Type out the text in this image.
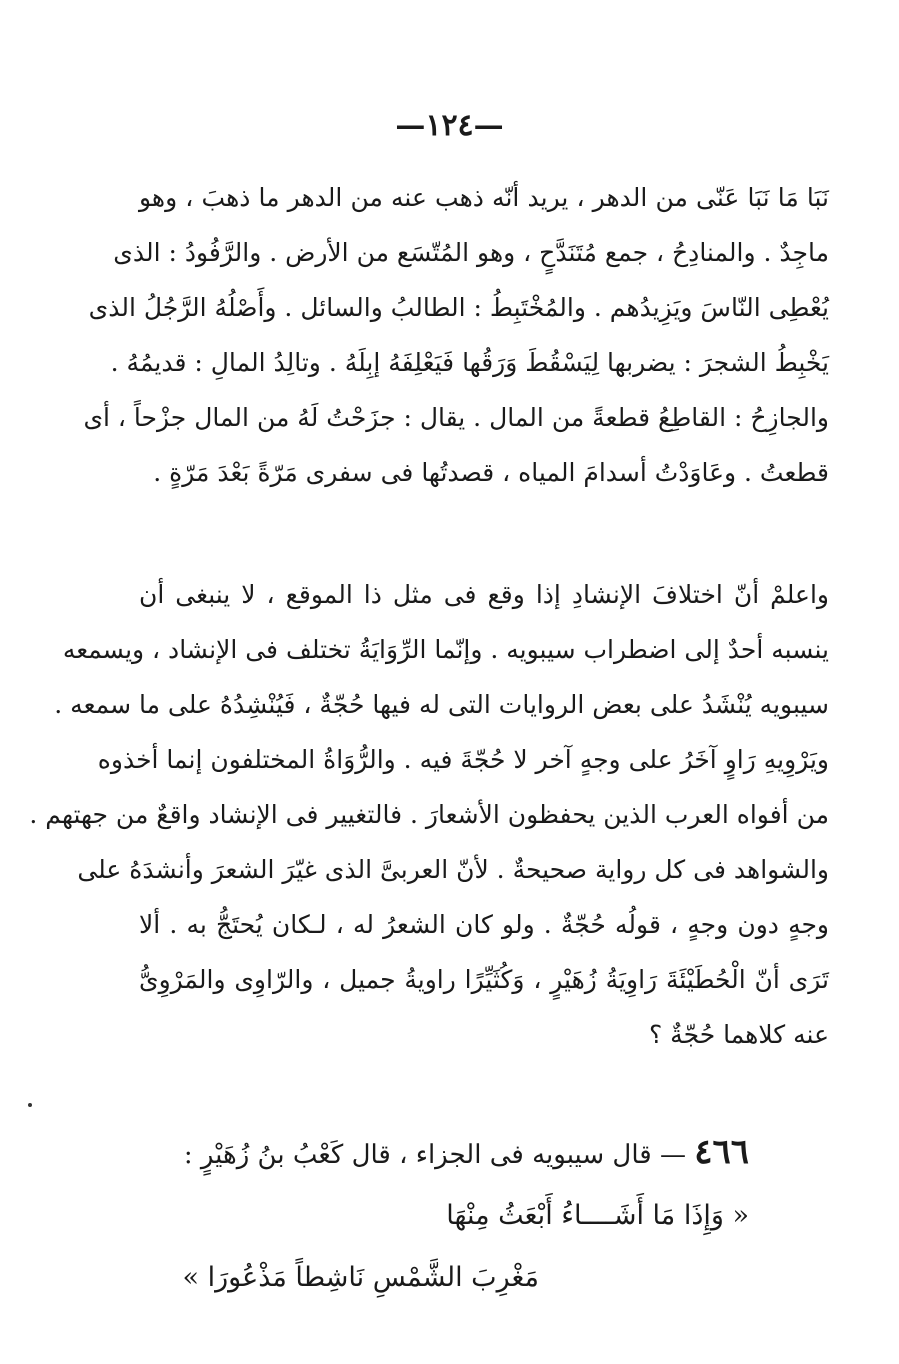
—١٢٤—
نَبَا مَا نَبَا عَنّى من الدهر ، يريد أنّه ذهب عنه من الدهر ما ذهبَ ، وهو
ماجِدٌ . والمنادِحُ ، جمع مُتَنَدَّحٍ ، وهو المُتّسَع من الأرض . والرَّفُودُ : الذى
يُعْطِى النّاسَ ويَزِيدُهم . والمُخْتَبِطُ : الطالبُ والسائل . وأَصْلُهُ الرَّجُلُ الذى
يَخْبِطُ الشجرَ : يضربها لِيَسْقُطَ وَرَقُها فَيَعْلِفَهُ إبِلَهُ . وتالِدُ المالِ : قديمُهُ .
والجازِحُ : القاطِعُ قطعةً من المال . يقال : جزَحْتُ لَهُ من المال جزْحاً ، أى
قطعتُ . وعَاوَدْتُ أسدامَ المياه ، قصدتُها فى سفرى مَرّةً بَعْدَ مَرّةٍ .
واعلمْ أنّ اختلافَ الإنشادِ إذا وقع فى مثل ذا الموقع ، لا ينبغى أن
ينسبه أحدٌ إلى اضطراب سيبويه . وإنّما الرِّوَايَةُ تختلف فى الإنشاد ، ويسمعه
سيبويه يُنْشَدُ على بعض الروايات التى له فيها حُجّةٌ ، فَيُنْشِدُهُ على ما سمعه .
ويَرْوِيهِ رَاوٍ آخَرُ على وجهٍ آخر لا حُجّةَ فيه . والرُّوَاةُ المختلفون إنما أخذوه
من أفواه العرب الذين يحفظون الأشعارَ . فالتغيير فى الإنشاد واقعٌ من جهتهم .
والشواهد فى كل رواية صحيحةٌ . لأنّ العربىَّ الذى غيّرَ الشعرَ وأنشدَهُ على
وجهٍ دون وجهٍ ، قولُه حُجّةٌ . ولو كان الشعرُ له ، لـكان يُحتَجُّ به . ألا
تَرَى أنّ الْحُطَيْئَةَ رَاوِيَةُ زُهَيْرٍ ، وَكُثَيِّرًا راويةُ جميل ، والرّاوِى والمَرْوِىُّ
عنه كلاهما حُجّةٌ ؟
٤٦٦ — قال سيبويه فى الجزاء ، قال كَعْبُ بنُ زُهَيْرٍ :
« وَإِذَا مَا أَشَــــاءُ أَبْعَثُ مِنْهَا
مَغْرِبَ الشَّمْسِ نَاشِطاً مَذْعُورَا »
